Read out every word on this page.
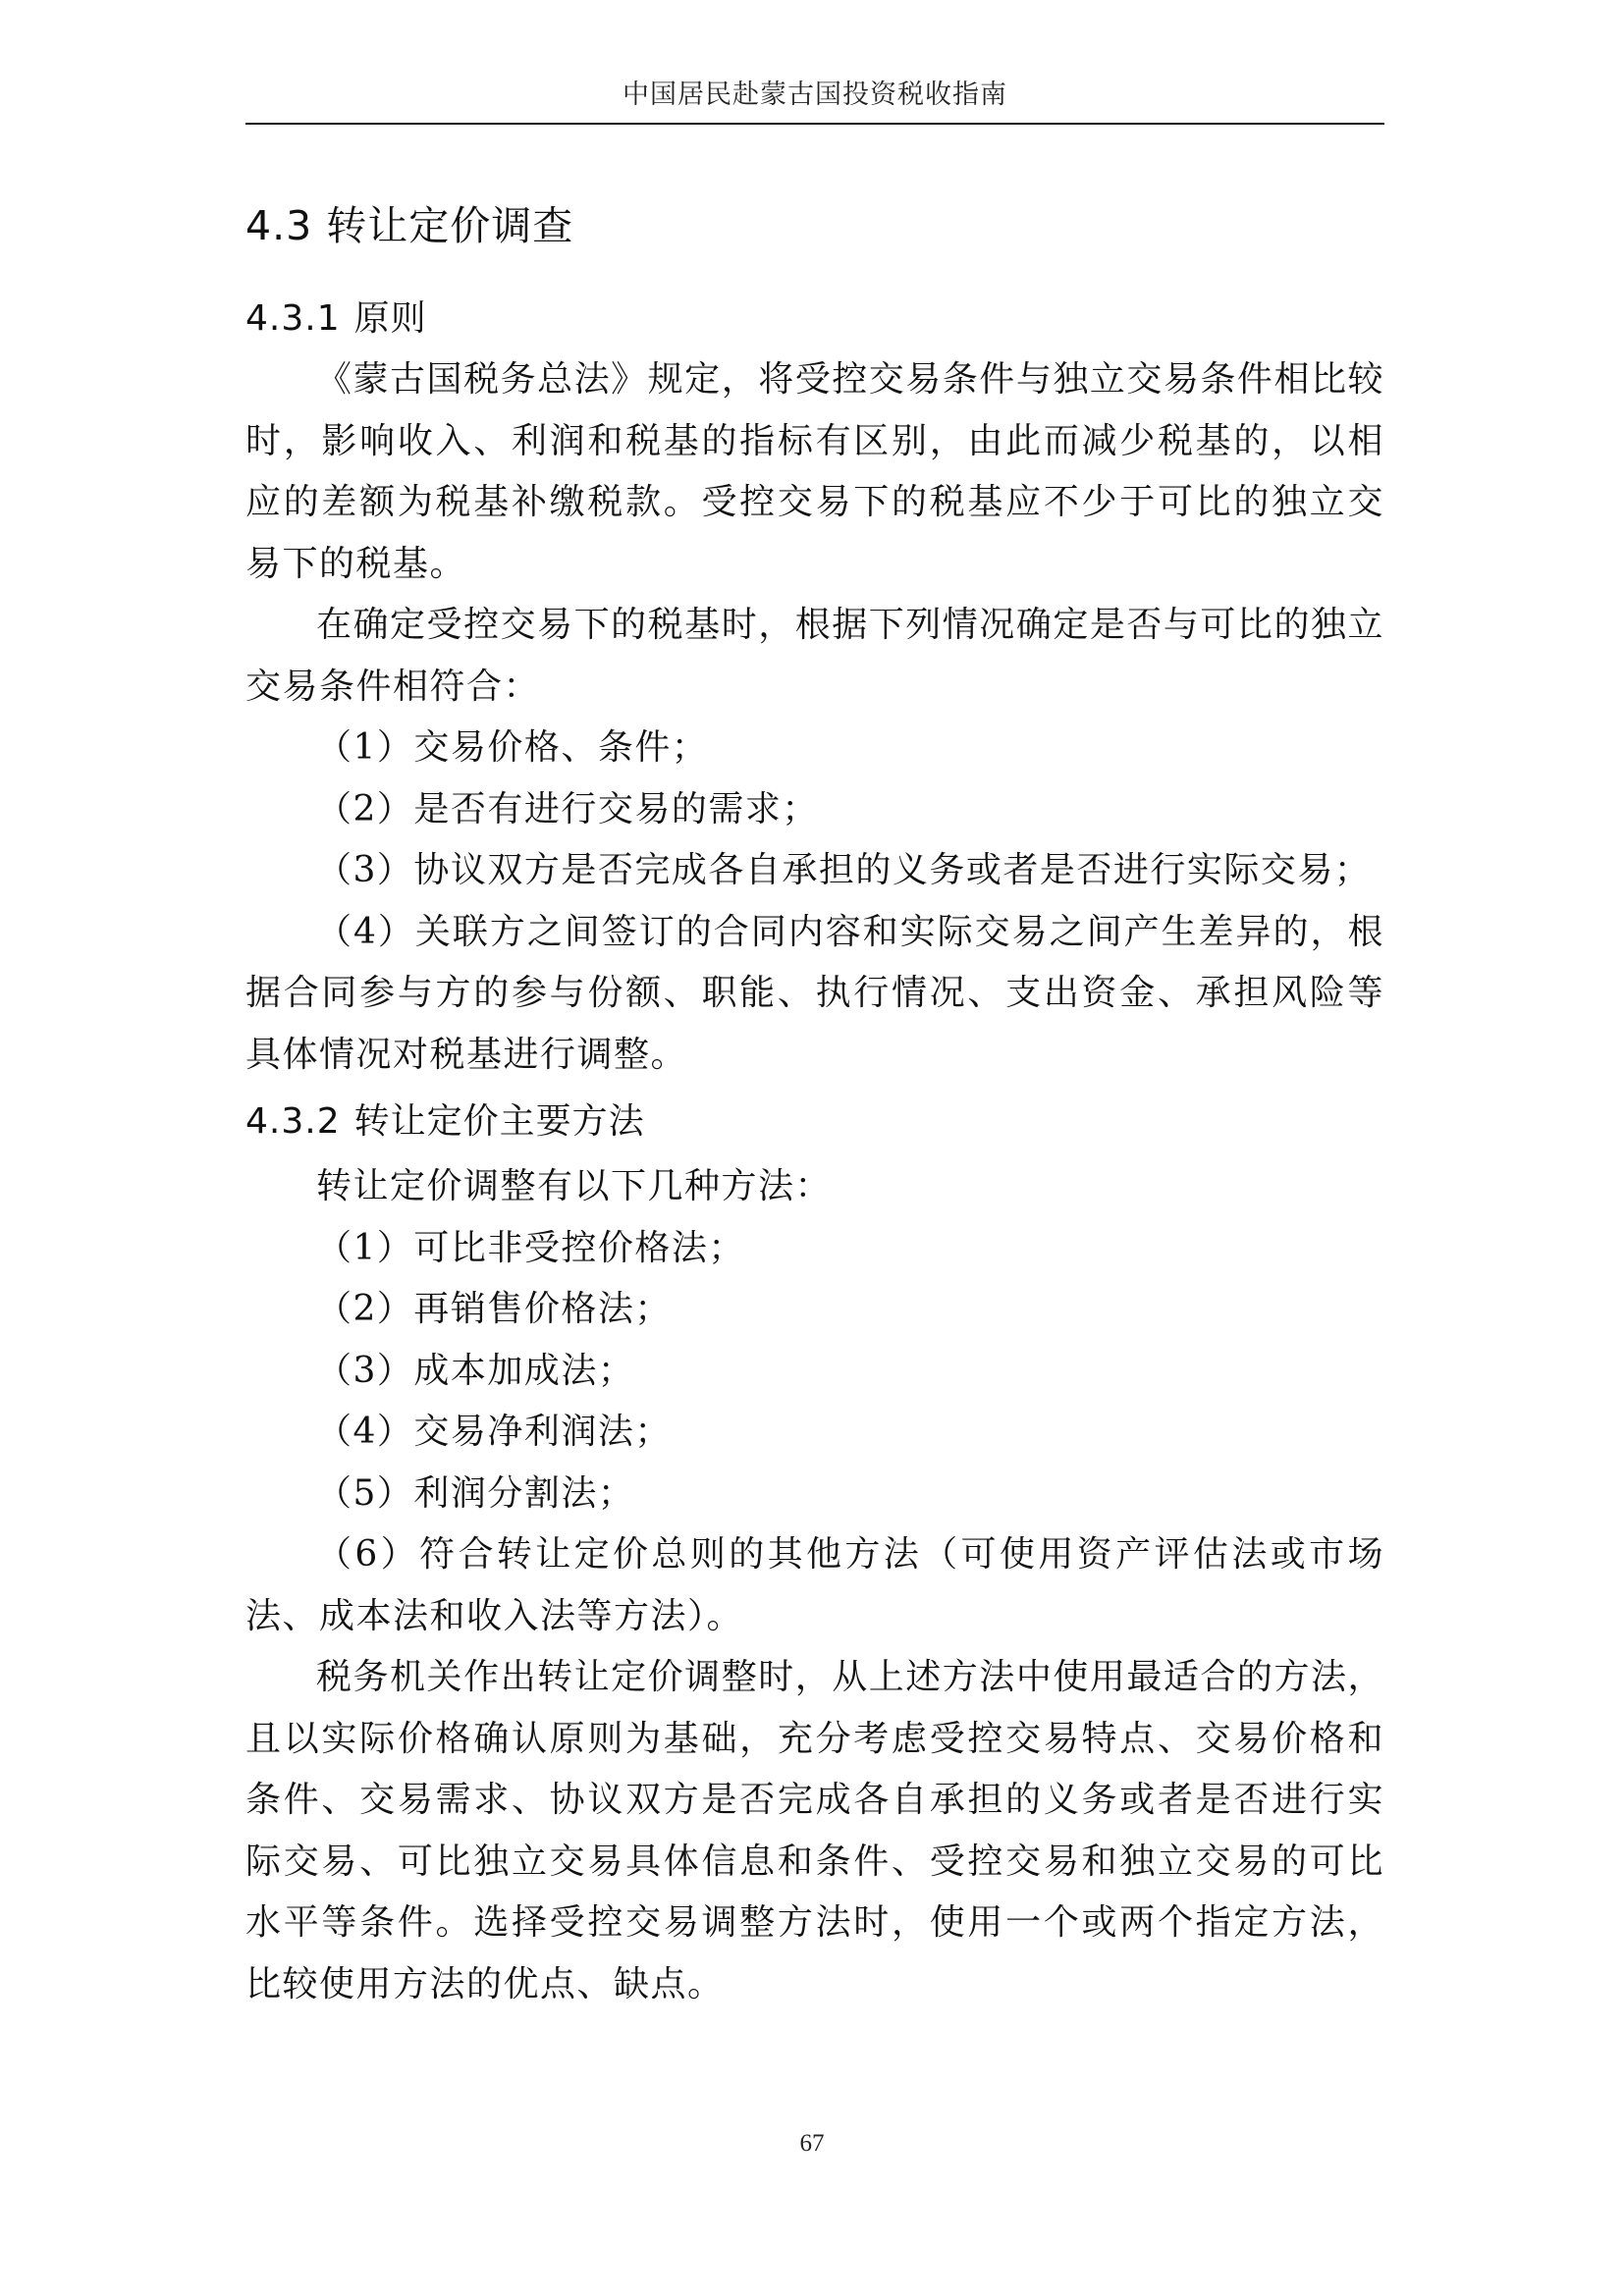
中国居民赴蒙古国投资税收指南
4.3 转让定价调查
4.3.1 原则

《蒙古国税务总法》规定，将受控交易条件与独立交易条件相比较时，影响收入、利润和税基的指标有区别，由此而减少税基的，以相应的差额为税基补缴税款。受控交易下的税基应不少于可比的独立交易下的税基。

在确定受控交易下的税基时，根据下列情况确定是否与可比的独立交易条件相符合：

（1）交易价格、条件；

（2）是否有进行交易的需求；

（3）协议双方是否完成各自承担的义务或者是否进行实际交易；

（4）关联方之间签订的合同内容和实际交易之间产生差异的，根据合同参与方的参与份额、职能、执行情况、支出资金、承担风险等具体情况对税基进行调整。

4.3.2 转让定价主要方法

转让定价调整有以下几种方法：

（1）可比非受控价格法；

（2）再销售价格法；

（3）成本加成法；

（4）交易净利润法；

（5）利润分割法；

（6）符合转让定价总则的其他方法（可使用资产评估法或市场法、成本法和收入法等方法）。

税务机关作出转让定价调整时，从上述方法中使用最适合的方法，且以实际价格确认原则为基础，充分考虑受控交易特点、交易价格和条件、交易需求、协议双方是否完成各自承担的义务或者是否进行实际交易、可比独立交易具体信息和条件、受控交易和独立交易的可比水平等条件。选择受控交易调整方法时，使用一个或两个指定方法，比较使用方法的优点、缺点。

67
